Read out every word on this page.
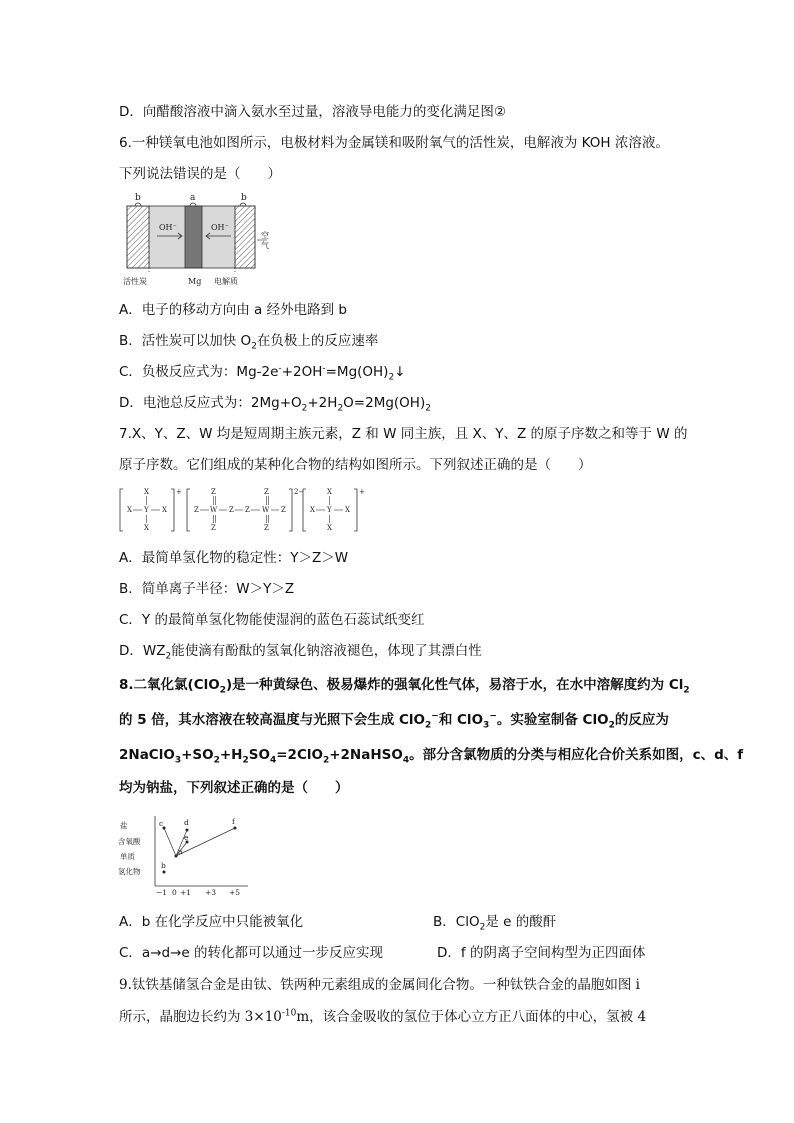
D．向醋酸溶液中滴入氨水至过量，溶液导电能力的变化满足图②
6.一种镁氧电池如图所示，电极材料为金属镁和吸附氧气的活性炭，电解液为 KOH 浓溶液。
下列说法错误的是（　　）
b	a	b
OH⁻	OH⁻
空
气
活性炭	Mg 电解质
A．电子的移动方向由 a 经外电路到 b
B．活性炭可以加快 $O_2$在负极上的反应速率
C．负极反应式为：$Mg-2e^-+2OH^-=Mg(OH)_2↓$
D．电池总反应式为：$2Mg+O_2+2H_2O=2Mg(OH)_2$
7.X、Y、Z、W 均是短周期主族元素，Z 和 W 同主族，且 X、Y、Z 的原子序数之和等于 W 的
原子序数。它们组成的某种化合物的结构如图所示。下列叙述正确的是（　　）
+
X
X Y X
X
2−
Z
Z
W
Z
Z Z
Z
W
Z
Z
+
X
X Y X
X
A．最简单氢化物的稳定性：Y＞Z＞W
B．简单离子半径：W＞Y＞Z
C．Y 的最简单氢化物能使湿润的蓝色石蕊试纸变红
D．$WZ_2$能使滴有酚酞的氢氧化钠溶液褪色，体现了其漂白性
8.二氧化氯(ClO$_2$)是一种黄绿色、极易爆炸的强氧化性气体，易溶于水，在水中溶解度约为 $Cl_2$
的 5 倍，其水溶液在较高温度与光照下会生成 ClO$_2$−和 ClO$_3$−。实验室制备 ClO$_2$的反应为
$2NaClO_3+SO_2+H_2SO_4=2ClO_2+2NaHSO_4$。部分含氯物质的分类与相应化合价关系如图，c、d、f
均为钠盐，下列叙述正确的是（　　）
盐
含氧酸
单质
氢化物
−1 0 +1 +3 +5
c	d
e
a
b
f
A．b 在化学反应中只能被氧化	B．ClO$_2$是 e 的酸酐
C．a→d→e 的转化都可以通过一步反应实现	D．f 的阴离子空间构型为正四面体
9.钛铁基储氢合金是由钛、铁两种元素组成的金属间化合物。一种钛铁合金的晶胞如图 i
所示，晶胞边长约为 $3\times 10^{-10}m$，该合金吸收的氢位于体心立方正八面体的中心，氢被 4
